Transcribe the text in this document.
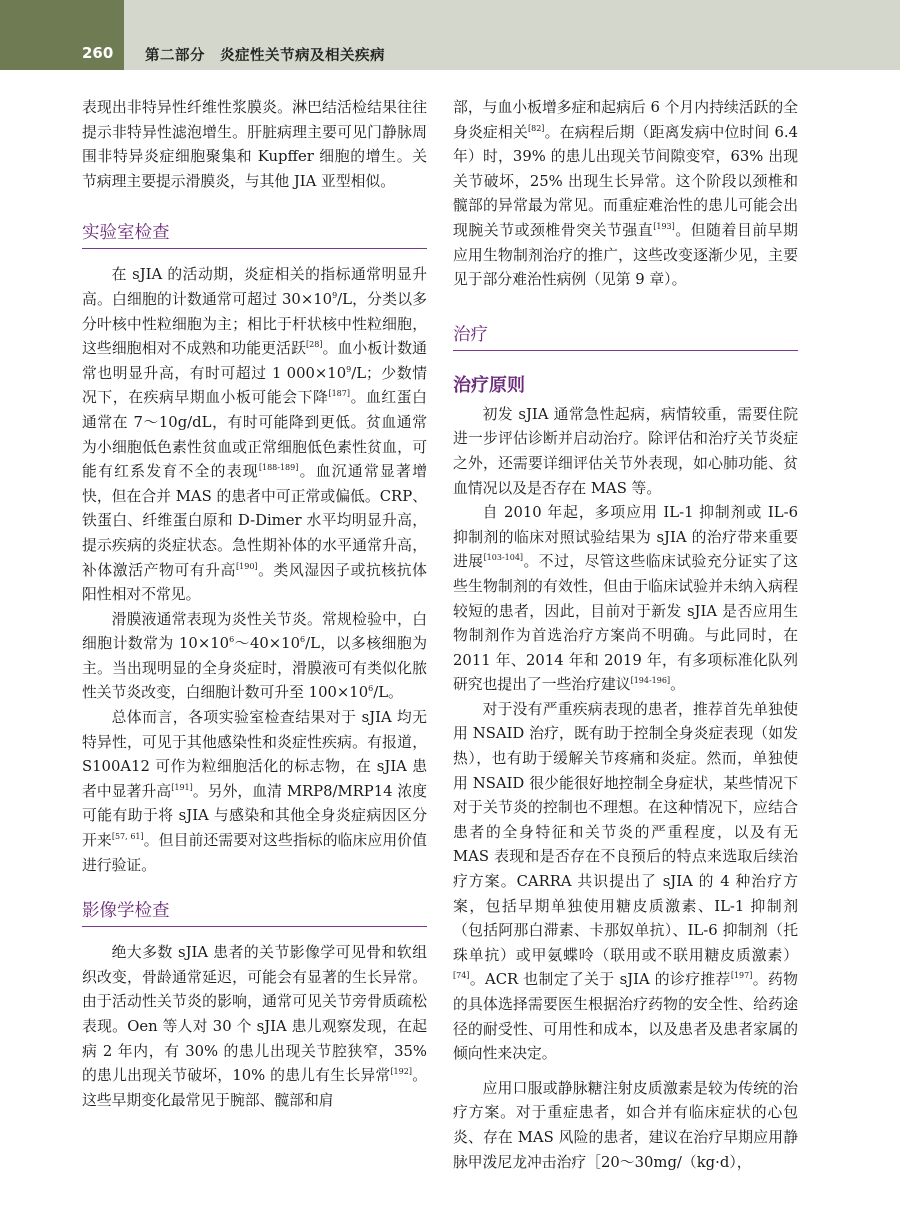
260 第二部分　炎症性关节病及相关疾病

表现出非特异性纤维性浆膜炎。淋巴结活检结果往往提示非特异性滤泡增生。肝脏病理主要可见门静脉周围非特异炎症细胞聚集和 Kupffer 细胞的增生。关节病理主要提示滑膜炎，与其他 JIA 亚型相似。

实验室检查

在 sJIA 的活动期，炎症相关的指标通常明显升高。白细胞的计数通常可超过 $30\times 10^9/L$，分类以多分叶核中性粒细胞为主；相比于杆状核中性粒细胞，这些细胞相对不成熟和功能更活跃[28]。血小板计数通常也明显升高，有时可超过 1 $000\times 10^9/L$；少数情况下，在疾病早期血小板可能会下降[187]。血红蛋白通常在 7～10g/dL，有时可能降到更低。贫血通常为小细胞低色素性贫血或正常细胞低色素性贫血，可能有红系发育不全的表现[188-189]。血沉通常显著增快，但在合并 MAS 的患者中可正常或偏低。CRP、铁蛋白、纤维蛋白原和 D-Dimer 水平均明显升高，提示疾病的炎症状态。急性期补体的水平通常升高，补体激活产物可有升高[190]。类风湿因子或抗核抗体阳性相对不常见。

滑膜液通常表现为炎性关节炎。常规检验中，白细胞计数常为 $10\times 10^6\sim 40\times 10^6/L$，以多核细胞为主。当出现明显的全身炎症时，滑膜液可有类似化脓性关节炎改变，白细胞计数可升至 $100\times 10^6/L$。

总体而言，各项实验室检查结果对于 sJIA 均无特异性，可见于其他感染性和炎症性疾病。有报道，S100A12 可作为粒细胞活化的标志物，在 sJIA 患者中显著升高[191]。另外，血清 MRP8/MRP14 浓度可能有助于将 sJIA 与感染和其他全身炎症病因区分开来[57, 61]。但目前还需要对这些指标的临床应用价值进行验证。

影像学检查

绝大多数 sJIA 患者的关节影像学可见骨和软组织改变，骨龄通常延迟，可能会有显著的生长异常。由于活动性关节炎的影响，通常可见关节旁骨质疏松表现。Oen 等人对 30 个 sJIA 患儿观察发现，在起病 2 年内，有 30% 的患儿出现关节腔狭窄，35% 的患儿出现关节破坏，10% 的患儿有生长异常[192]。这些早期变化最常见于腕部、髋部和肩

部，与血小板增多症和起病后 6 个月内持续活跃的全身炎症相关[82]。在病程后期（距离发病中位时间 6.4 年）时，39% 的患儿出现关节间隙变窄，63% 出现关节破坏，25% 出现生长异常。这个阶段以颈椎和髋部的异常最为常见。而重症难治性的患儿可能会出现腕关节或颈椎骨突关节强直[193]。但随着目前早期应用生物制剂治疗的推广，这些改变逐渐少见，主要见于部分难治性病例（见第 9 章）。

治疗
治疗原则

初发 sJIA 通常急性起病，病情较重，需要住院进一步评估诊断并启动治疗。除评估和治疗关节炎症之外，还需要详细评估关节外表现，如心肺功能、贫血情况以及是否存在 MAS 等。

自 2010 年起，多项应用 IL-1 抑制剂或 IL-6 抑制剂的临床对照试验结果为 sJIA 的治疗带来重要进展[103-104]。不过，尽管这些临床试验充分证实了这些生物制剂的有效性，但由于临床试验并未纳入病程较短的患者，因此，目前对于新发 sJIA 是否应用生物制剂作为首选治疗方案尚不明确。与此同时，在 2011 年、2014 年和 2019 年，有多项标准化队列研究也提出了一些治疗建议[194-196]。

对于没有严重疾病表现的患者，推荐首先单独使用 NSAID 治疗，既有助于控制全身炎症表现（如发热），也有助于缓解关节疼痛和炎症。然而，单独使用 NSAID 很少能很好地控制全身症状，某些情况下对于关节炎的控制也不理想。在这种情况下，应结合患者的全身特征和关节炎的严重程度，以及有无 MAS 表现和是否存在不良预后的特点来选取后续治疗方案。CARRA 共识提出了 sJIA 的 4 种治疗方案，包括早期单独使用糖皮质激素、IL-1 抑制剂（包括阿那白滞素、卡那奴单抗）、IL-6 抑制剂（托珠单抗）或甲氨蝶呤（联用或不联用糖皮质激素）[74]。ACR 也制定了关于 sJIA 的诊疗推荐[197]。药物的具体选择需要医生根据治疗药物的安全性、给药途径的耐受性、可用性和成本，以及患者及患者家属的倾向性来决定。

应用口服或静脉糖注射皮质激素是较为传统的治疗方案。对于重症患者，如合并有临床症状的心包炎、存在 MAS 风险的患者，建议在治疗早期应用静脉甲泼尼龙冲击治疗［20～30mg/（kg·d），
